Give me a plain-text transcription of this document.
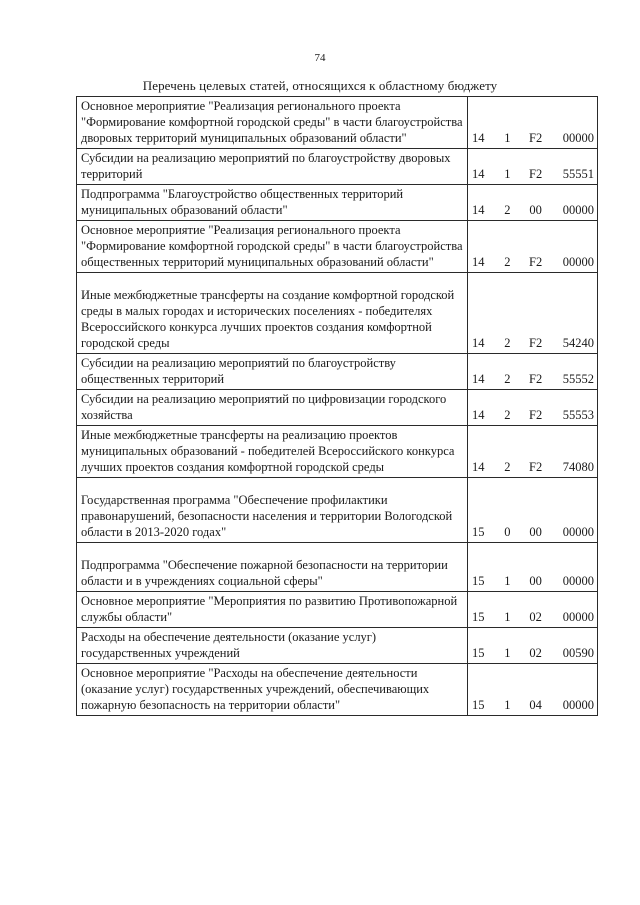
74
Перечень целевых статей, относящихся к областному бюджету
Основное мероприятие "Реализация регионального проекта "Формирование комфортной городской среды" в части благоустройства дворовых территорий муниципальных образований области"	14 1 F2 00000

Субсидии на реализацию мероприятий по благоустройству дворовых территорий	14 1 F2 55551

Подпрограмма "Благоустройство общественных территорий муниципальных образований области"	14 2 00 00000

Основное мероприятие "Реализация регионального проекта "Формирование комфортной городской среды" в части благоустройства общественных территорий муниципальных образований области"	14 2 F2 00000

Иные межбюджетные трансферты на создание комфортной городской среды в малых городах и исторических поселениях - победителях Всероссийского конкурса лучших проектов создания комфортной городской среды	14 2 F2 54240

Субсидии на реализацию мероприятий по благоустройству общественных территорий	14 2 F2 55552

Субсидии на реализацию мероприятий по цифровизации городского хозяйства	14 2 F2 55553

Иные межбюджетные трансферты на реализацию проектов муниципальных образований - победителей Всероссийского конкурса лучших проектов создания комфортной городской среды	14 2 F2 74080

Государственная программа "Обеспечение профилактики правонарушений, безопасности населения и территории Вологодской области в 2013-2020 годах"	15 0 00 00000

Подпрограмма "Обеспечение пожарной безопасности на территории области и в учреждениях социальной сферы"	15 1 00 00000

Основное мероприятие "Мероприятия по развитию Противопожарной службы области"	15 1 02 00000

Расходы на обеспечение деятельности (оказание услуг) государственных учреждений	15 1 02 00590

Основное мероприятие "Расходы на обеспечение деятельности (оказание услуг) государственных учреждений, обеспечивающих пожарную безопасность на территории области"	15 1 04 00000
